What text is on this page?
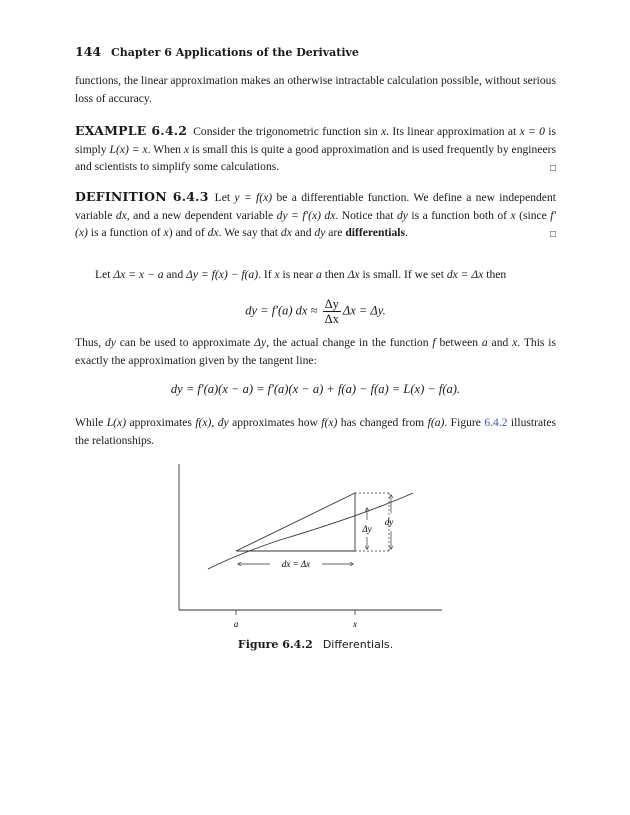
144 Chapter 6 Applications of the Derivative
functions, the linear approximation makes an otherwise intractable calculation possible, without serious loss of accuracy.
EXAMPLE 6.4.2 Consider the trigonometric function sin x. Its linear approximation at x = 0 is simply L(x) = x. When x is small this is quite a good approximation and is used frequently by engineers and scientists to simplify some calculations.	□
DEFINITION 6.4.3 Let y = f(x) be a differentiable function. We define a new independent variable dx, and a new dependent variable dy = f′(x) dx. Notice that dy is a function both of x (since f′(x) is a function of x) and of dx. We say that dx and dy are differentials.	□
Let Δx = x − a and Δy = f(x) − f(a). If x is near a then Δx is small. If we set dx = Δx then
dy = f′(a) dx ≈ $\frac{\Delta y}{\Delta x}$ Δx = Δy.
Thus, dy can be used to approximate Δy, the actual change in the function f between a and x. This is exactly the approximation given by the tangent line:
dy = f′(a)(x − a) = f′(a)(x − a) + f(a) − f(a) = L(x) − f(a).
While L(x) approximates f(x), dy approximates how f(x) has changed from f(a). Figure 6.4.2 illustrates the relationships.
Δy
dy
dx = Δx
a	x
Figure 6.4.2 Differentials.
